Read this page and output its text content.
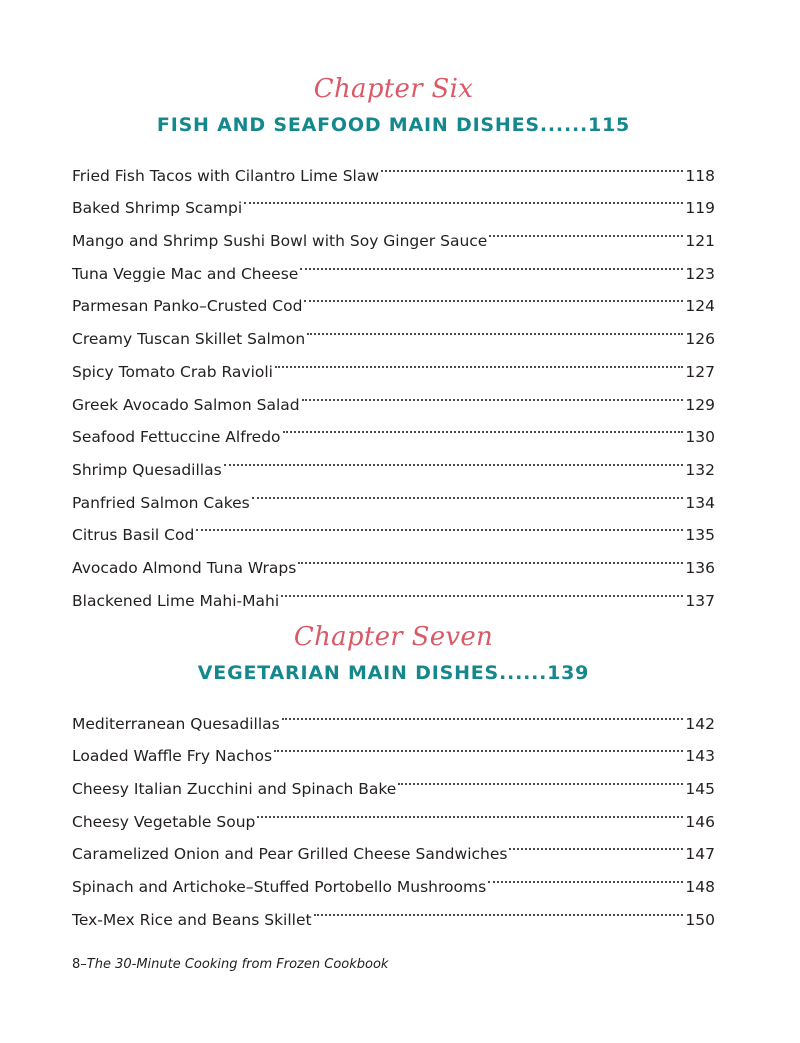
Chapter Six
FISH AND SEAFOOD MAIN DISHES......115
Fried Fish Tacos with Cilantro Lime Slaw	118
Baked Shrimp Scampi	119
Mango and Shrimp Sushi Bowl with Soy Ginger Sauce	121
Tuna Veggie Mac and Cheese	123
Parmesan Panko–Crusted Cod	124
Creamy Tuscan Skillet Salmon	126
Spicy Tomato Crab Ravioli	127
Greek Avocado Salmon Salad	129
Seafood Fettuccine Alfredo	130
Shrimp Quesadillas	132
Panfried Salmon Cakes	134
Citrus Basil Cod	135
Avocado Almond Tuna Wraps	136
Blackened Lime Mahi-Mahi	137
Chapter Seven
VEGETARIAN MAIN DISHES......139
Mediterranean Quesadillas	142
Loaded Waffle Fry Nachos	143
Cheesy Italian Zucchini and Spinach Bake	145
Cheesy Vegetable Soup	146
Caramelized Onion and Pear Grilled Cheese Sandwiches	147
Spinach and Artichoke–Stuffed Portobello Mushrooms	148
Tex-Mex Rice and Beans Skillet	150
8–The 30-Minute Cooking from Frozen Cookbook
